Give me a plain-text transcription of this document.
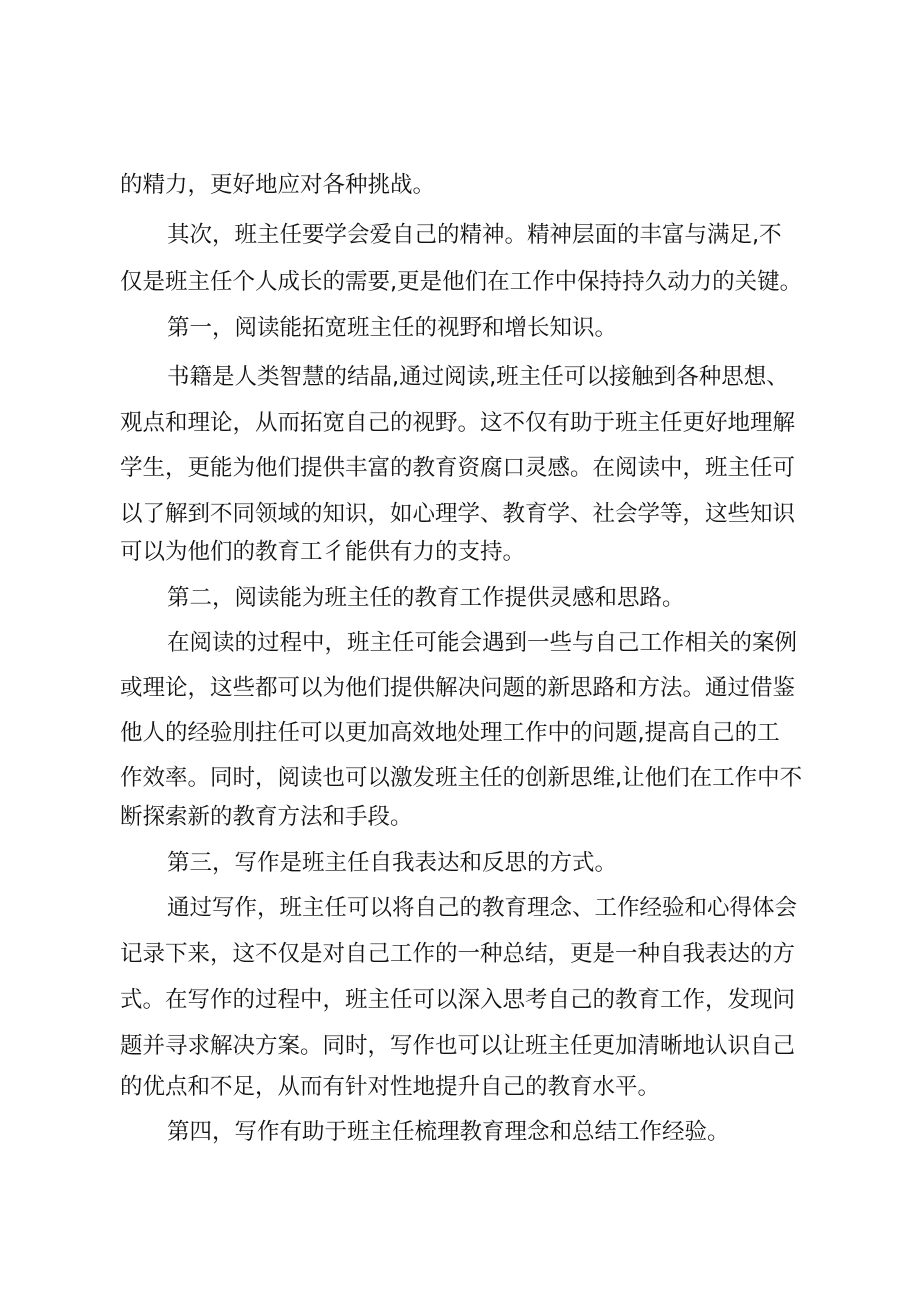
的精力，更好地应对各种挑战。

其次，班主任要学会爱自己的精神。精神层面的丰富与满足,不

仅是班主任个人成长的需要,更是他们在工作中保持持久动力的关键。

第一，阅读能拓宽班主任的视野和增长知识。

书籍是人类智慧的结晶,通过阅读,班主任可以接触到各种思想、

观点和理论，从而拓宽自己的视野。这不仅有助于班主任更好地理解

学生，更能为他们提供丰富的教育资腐口灵感。在阅读中，班主任可

以了解到不同领域的知识，如心理学、教育学、社会学等，这些知识

可以为他们的教育工彳能供有力的支持。

第二，阅读能为班主任的教育工作提供灵感和思路。

在阅读的过程中，班主任可能会遇到一些与自己工作相关的案例

或理论，这些都可以为他们提供解决问题的新思路和方法。通过借鉴

他人的经验刖拄任可以更加高效地处理工作中的问题,提高自己的工

作效率。同时，阅读也可以激发班主任的创新思维,让他们在工作中不

断探索新的教育方法和手段。

第三，写作是班主任自我表达和反思的方式。

通过写作，班主任可以将自己的教育理念、工作经验和心得体会

记录下来，这不仅是对自己工作的一种总结，更是一种自我表达的方

式。在写作的过程中，班主任可以深入思考自己的教育工作，发现问

题并寻求解决方案。同时，写作也可以让班主任更加清晰地认识自己

的优点和不足，从而有针对性地提升自己的教育水平。

第四，写作有助于班主任梳理教育理念和总结工作经验。
